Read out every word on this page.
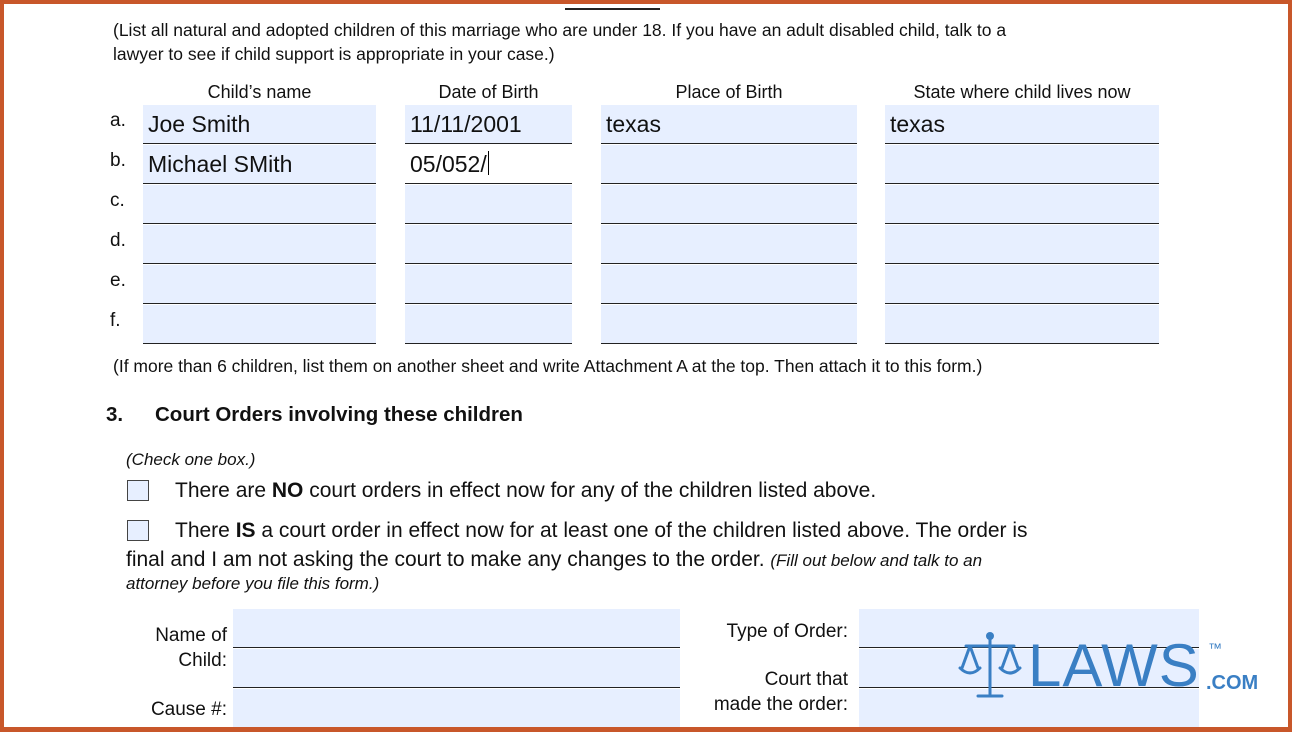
(List all natural and adopted children of this marriage who are under 18. If you have an adult disabled child, talk to a
lawyer to see if child support is appropriate in your case.)
Child’s name	Date of Birth	Place of Birth	State where child lives now
a. Joe Smith	11/11/2001	texas	texas
b. Michael SMith	05/052/
c.
d.
e.
f.
(If more than 6 children, list them on another sheet and write Attachment A at the top. Then attach it to this form.)
3. Court Orders involving these children
(Check one box.)
There are NO court orders in effect now for any of the children listed above.
There IS a court order in effect now for at least one of the children listed above. The order is
final and I am not asking the court to make any changes to the order. (Fill out below and talk to an
attorney before you file this form.)
Name of
Child:
Cause #:
Type of Order:
Court that
made the order:
LAWS ™
.COM
